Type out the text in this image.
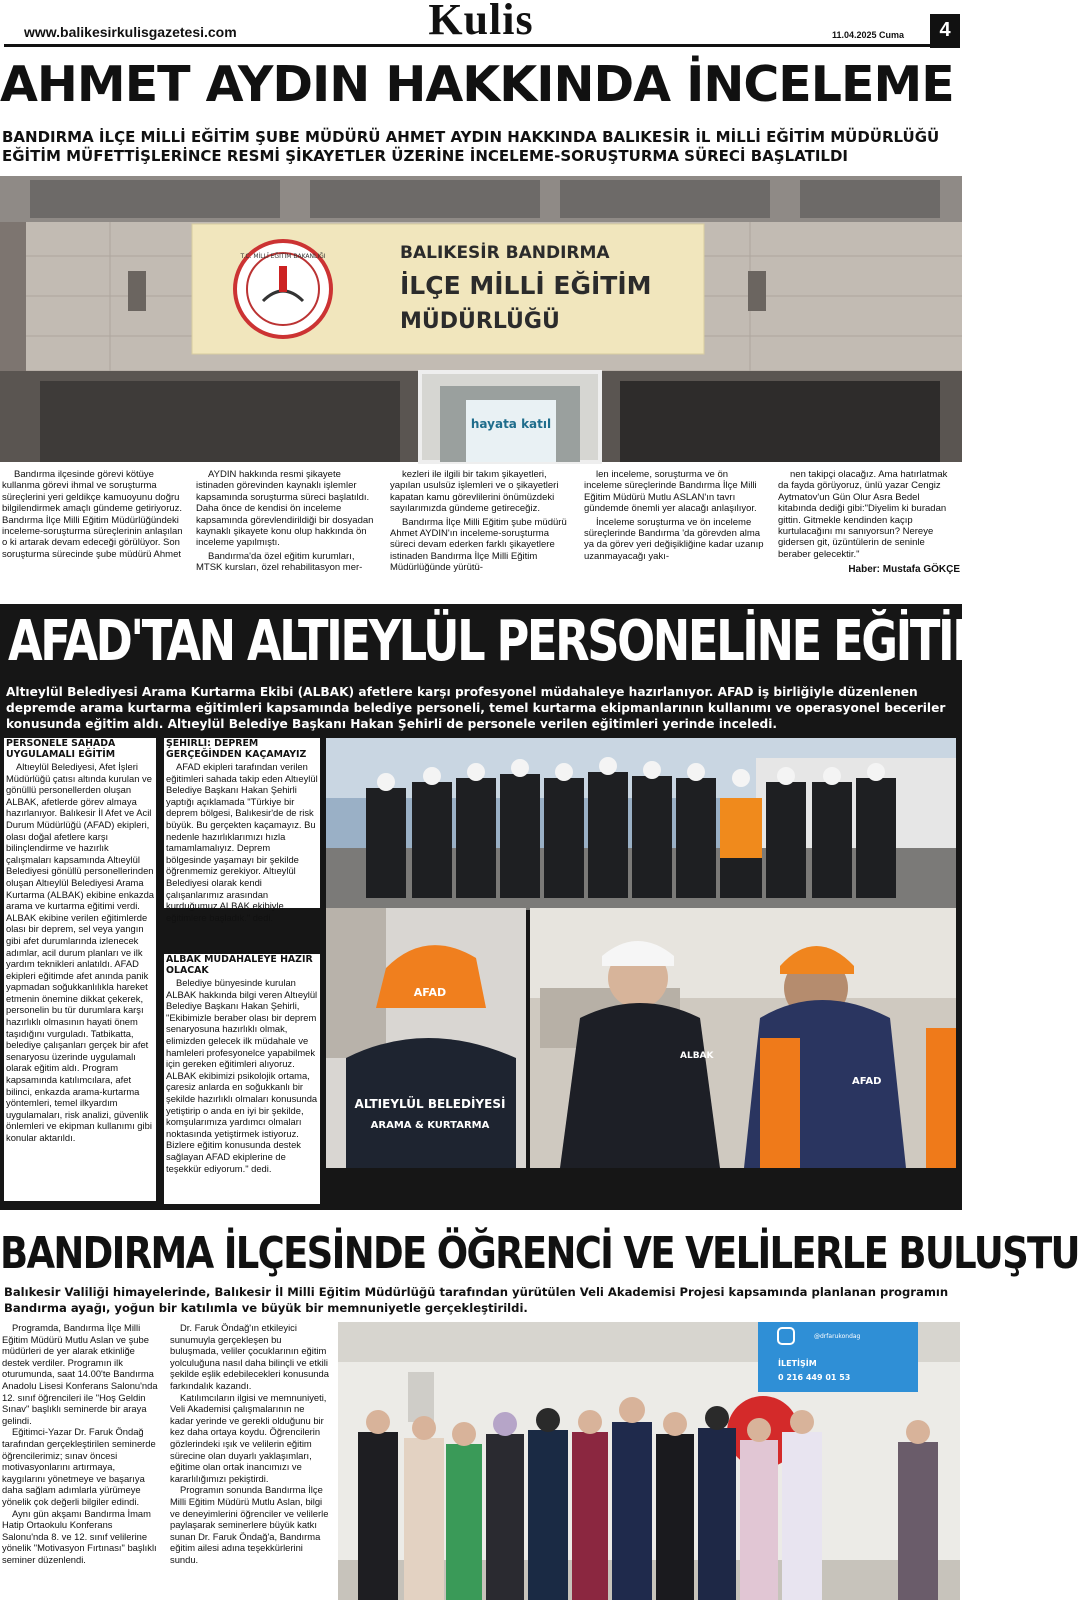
www.balikesirkulisgazetesi.com	Kulis	11.04.2025 Cuma	4
AHMET AYDIN HAKKINDA İNCELEME
BANDIRMA İLÇE MİLLİ EĞİTİM ŞUBE MÜDÜRÜ AHMET AYDIN HAKKINDA BALIKESİR İL MİLLİ EĞİTİM MÜDÜRLÜĞÜ EĞİTİM MÜFETTİŞLERİNCE RESMİ ŞİKAYETLER ÜZERİNE İNCELEME-SORUŞTURMA SÜRECİ BAŞLATILDI
T.C. MİLLÎ EĞİTİM BAKANLIĞI	BALIKESİR BANDIRMA
İLÇE MİLLİ EĞİTİM
MÜDÜRLÜĞÜ
hayata katıl

Bandırma ilçesinde görevi kötüye kullanma görevi ihmal ve soruşturma süreçlerini yeri geldikçe kamuoyunu doğru bilgilendirmek amaçlı gündeme getiriyoruz. Bandırma İlçe Milli Eğitim Müdürlüğündeki inceleme-soruşturma süreçlerinin anlaşılan o ki artarak devam edeceği görülüyor. Son soruşturma sürecinde şube müdürü Ahmet

AYDIN hakkında resmi şikayete istinaden görevinden kaynaklı işlemler kapsamında soruşturma süreci başlatıldı. Daha önce de kendisi ön inceleme kapsamında görevlendirildiği bir dosyadan kaynaklı şikayete konu olup hakkında ön inceleme yapılmıştı.

Bandırma'da özel eğitim kurumları, MTSK kursları, özel rehabilitasyon mer-

kezleri ile ilgili bir takım şikayetleri, yapılan usulsüz işlemleri ve o şikayetleri kapatan kamu görevlilerini önümüzdeki sayılarımızda gündeme getireceğiz.

Bandırma İlçe Milli Eğitim şube müdürü Ahmet AYDIN'ın inceleme-soruşturma süreci devam ederken farklı şikayetlere istinaden Bandırma İlçe Milli Eğitim Müdürlüğünde yürütü-

len inceleme, soruşturma ve ön inceleme süreçlerinde Bandırma İlçe Milli Eğitim Müdürü Mutlu ASLAN'ın tavrı gündemde önemli yer alacağı anlaşılıyor.

İnceleme soruşturma ve ön inceleme süreçlerinde Bandırma 'da görevden alma ya da görev yeri değişikliğine kadar uzanıp uzanmayacağı yakı-

nen takipçi olacağız. Ama hatırlatmak da fayda görüyoruz, ünlü yazar Cengiz Aytmatov'un Gün Olur Asra Bedel kitabında dediği gibi:"Diyelim ki buradan gittin. Gitmekle kendinden kaçıp kurtulacağını mı sanıyorsun? Nereye gidersen git, üzüntülerin de seninle beraber gelecektir."

Haber: Mustafa GÖKÇE
AFAD'TAN ALTIEYLÜL PERSONELİNE EĞİTİM
Altıeylül Belediyesi Arama Kurtarma Ekibi (ALBAK) afetlere karşı profesyonel müdahaleye hazırlanıyor. AFAD iş birliğiyle düzenlenen depremde arama kurtarma eğitimleri kapsamında belediye personeli, temel kurtarma ekipmanlarının kullanımı ve operasyonel beceriler konusunda eğitim aldı. Altıeylül Belediye Başkanı Hakan Şehirli de personele verilen eğitimleri yerinde inceledi.
PERSONELE SAHADA UYGULAMALI EĞİTİM

Altıeylül Belediyesi, Afet İşleri Müdürlüğü çatısı altında kurulan ve gönüllü personellerden oluşan ALBAK, afetlerde görev almaya hazırlanıyor. Balıkesir İl Afet ve Acil Durum Müdürlüğü (AFAD) ekipleri, olası doğal afetlere karşı bilinçlendirme ve hazırlık çalışmaları kapsamında Altıeylül Belediyesi gönüllü personellerinden oluşan Altıeylül Belediyesi Arama Kurtarma (ALBAK) ekibine enkazda arama ve kurtarma eğitimi verdi. ALBAK ekibine verilen eğitimlerde olası bir deprem, sel veya yangın gibi afet durumlarında izlenecek adımlar, acil durum planları ve ilk yardım teknikleri anlatıldı. AFAD ekipleri eğitimde afet anında panik yapmadan soğukkanlılıkla hareket etmenin önemine dikkat çekerek, personelin bu tür durumlara karşı hazırlıklı olmasının hayati önem taşıdığını vurguladı. Tatbikatta, belediye çalışanları gerçek bir afet senaryosu üzerinde uygulamalı olarak eğitim aldı. Program kapsamında katılımcılara, afet bilinci, enkazda arama-kurtarma yöntemleri, temel ilkyardım uygulamaları, risk analizi, güvenlik önlemleri ve ekipman kullanımı gibi konular aktarıldı.

ŞEHİRLİ: DEPREM GERÇEĞİNDEN KAÇAMAYIZ

AFAD ekipleri tarafından verilen eğitimleri sahada takip eden Altıeylül Belediye Başkanı Hakan Şehirli yaptığı açıklamada "Türkiye bir deprem bölgesi, Balıkesir'de de risk büyük. Bu gerçekten kaçamayız. Bu nedenle hazırlıklarımızı hızla tamamlamalıyız. Deprem bölgesinde yaşamayı bir şekilde öğrenmemiz gerekiyor. Altıeylül Belediyesi olarak kendi çalışanlarımız arasından kurduğumuz ALBAK ekibiyle eğitimlere başladık." dedi.

ALBAK MÜDAHALEYE HAZIR OLACAK

Belediye bünyesinde kurulan ALBAK hakkında bilgi veren Altıeylül Belediye Başkanı Hakan Şehirli, "Ekibimizle beraber olası bir deprem senaryosuna hazırlıklı olmak, elimizden gelecek ilk müdahale ve hamleleri profesyonelce yapabilmek için gereken eğitimleri alıyoruz. ALBAK ekibimizi psikolojik ortama, çaresiz anlarda en soğukkanlı bir şekilde hazırlıklı olmaları konusunda yetiştirip o anda en iyi bir şekilde, komşularımıza yardımcı olmaları noktasında yetiştirmek istiyoruz. Bizlere eğitim konusunda destek sağlayan AFAD ekiplerine de teşekkür ediyorum." dedi.

AFAD
ALTIEYLÜL BELEDİYESİ
ARAMA & KURTARMA
ALBAK
AFAD
BANDIRMA İLÇESİNDE ÖĞRENCİ VE VELİLERLE BULUŞTU
Balıkesir Valiliği himayelerinde, Balıkesir İl Milli Eğitim Müdürlüğü tarafından yürütülen Veli Akademisi Projesi kapsamında planlanan programın Bandırma ayağı, yoğun bir katılımla ve büyük bir memnuniyetle gerçekleştirildi.

Programda, Bandırma İlçe Milli Eğitim Müdürü Mutlu Aslan ve şube müdürleri de yer alarak etkinliğe destek verdiler. Programın ilk oturumunda, saat 14.00'te Bandırma Anadolu Lisesi Konferans Salonu'nda 12. sınıf öğrencileri ile "Hoş Geldin Sınav" başlıklı seminerde bir araya gelindi.

Eğitimci-Yazar Dr. Faruk Öndağ tarafından gerçekleştirilen seminerde öğrencilerimiz; sınav öncesi motivasyonlarını artırmaya, kaygılarını yönetmeye ve başarıya daha sağlam adımlarla yürümeye yönelik çok değerli bilgiler edindi.

Aynı gün akşamı Bandırma İmam Hatip Ortaokulu Konferans Salonu'nda 8. ve 12. sınıf velilerine yönelik "Motivasyon Fırtınası" başlıklı seminer düzenlendi.

Dr. Faruk Öndağ'ın etkileyici sunumuyla gerçekleşen bu buluşmada, veliler çocuklarının eğitim yolculuğuna nasıl daha bilinçli ve etkili şekilde eşlik edebilecekleri konusunda farkındalık kazandı.

Katılımcıların ilgisi ve memnuniyeti, Veli Akademisi çalışmalarının ne kadar yerinde ve gerekli olduğunu bir kez daha ortaya koydu. Öğrencilerin gözlerindeki ışık ve velilerin eğitim sürecine olan duyarlı yaklaşımları, eğitime olan ortak inancımızı ve kararlılığımızı pekiştirdi.

Programın sonunda Bandırma İlçe Milli Eğitim Müdürü Mutlu Aslan, bilgi ve deneyimlerini öğrenciler ve velilerle paylaşarak seminerlere büyük katkı sunan Dr. Faruk Öndağ'a, Bandırma eğitim ailesi adına teşekkürlerini sundu.

İLETİŞİM
0 216 449 01 53
@drfarukondag
